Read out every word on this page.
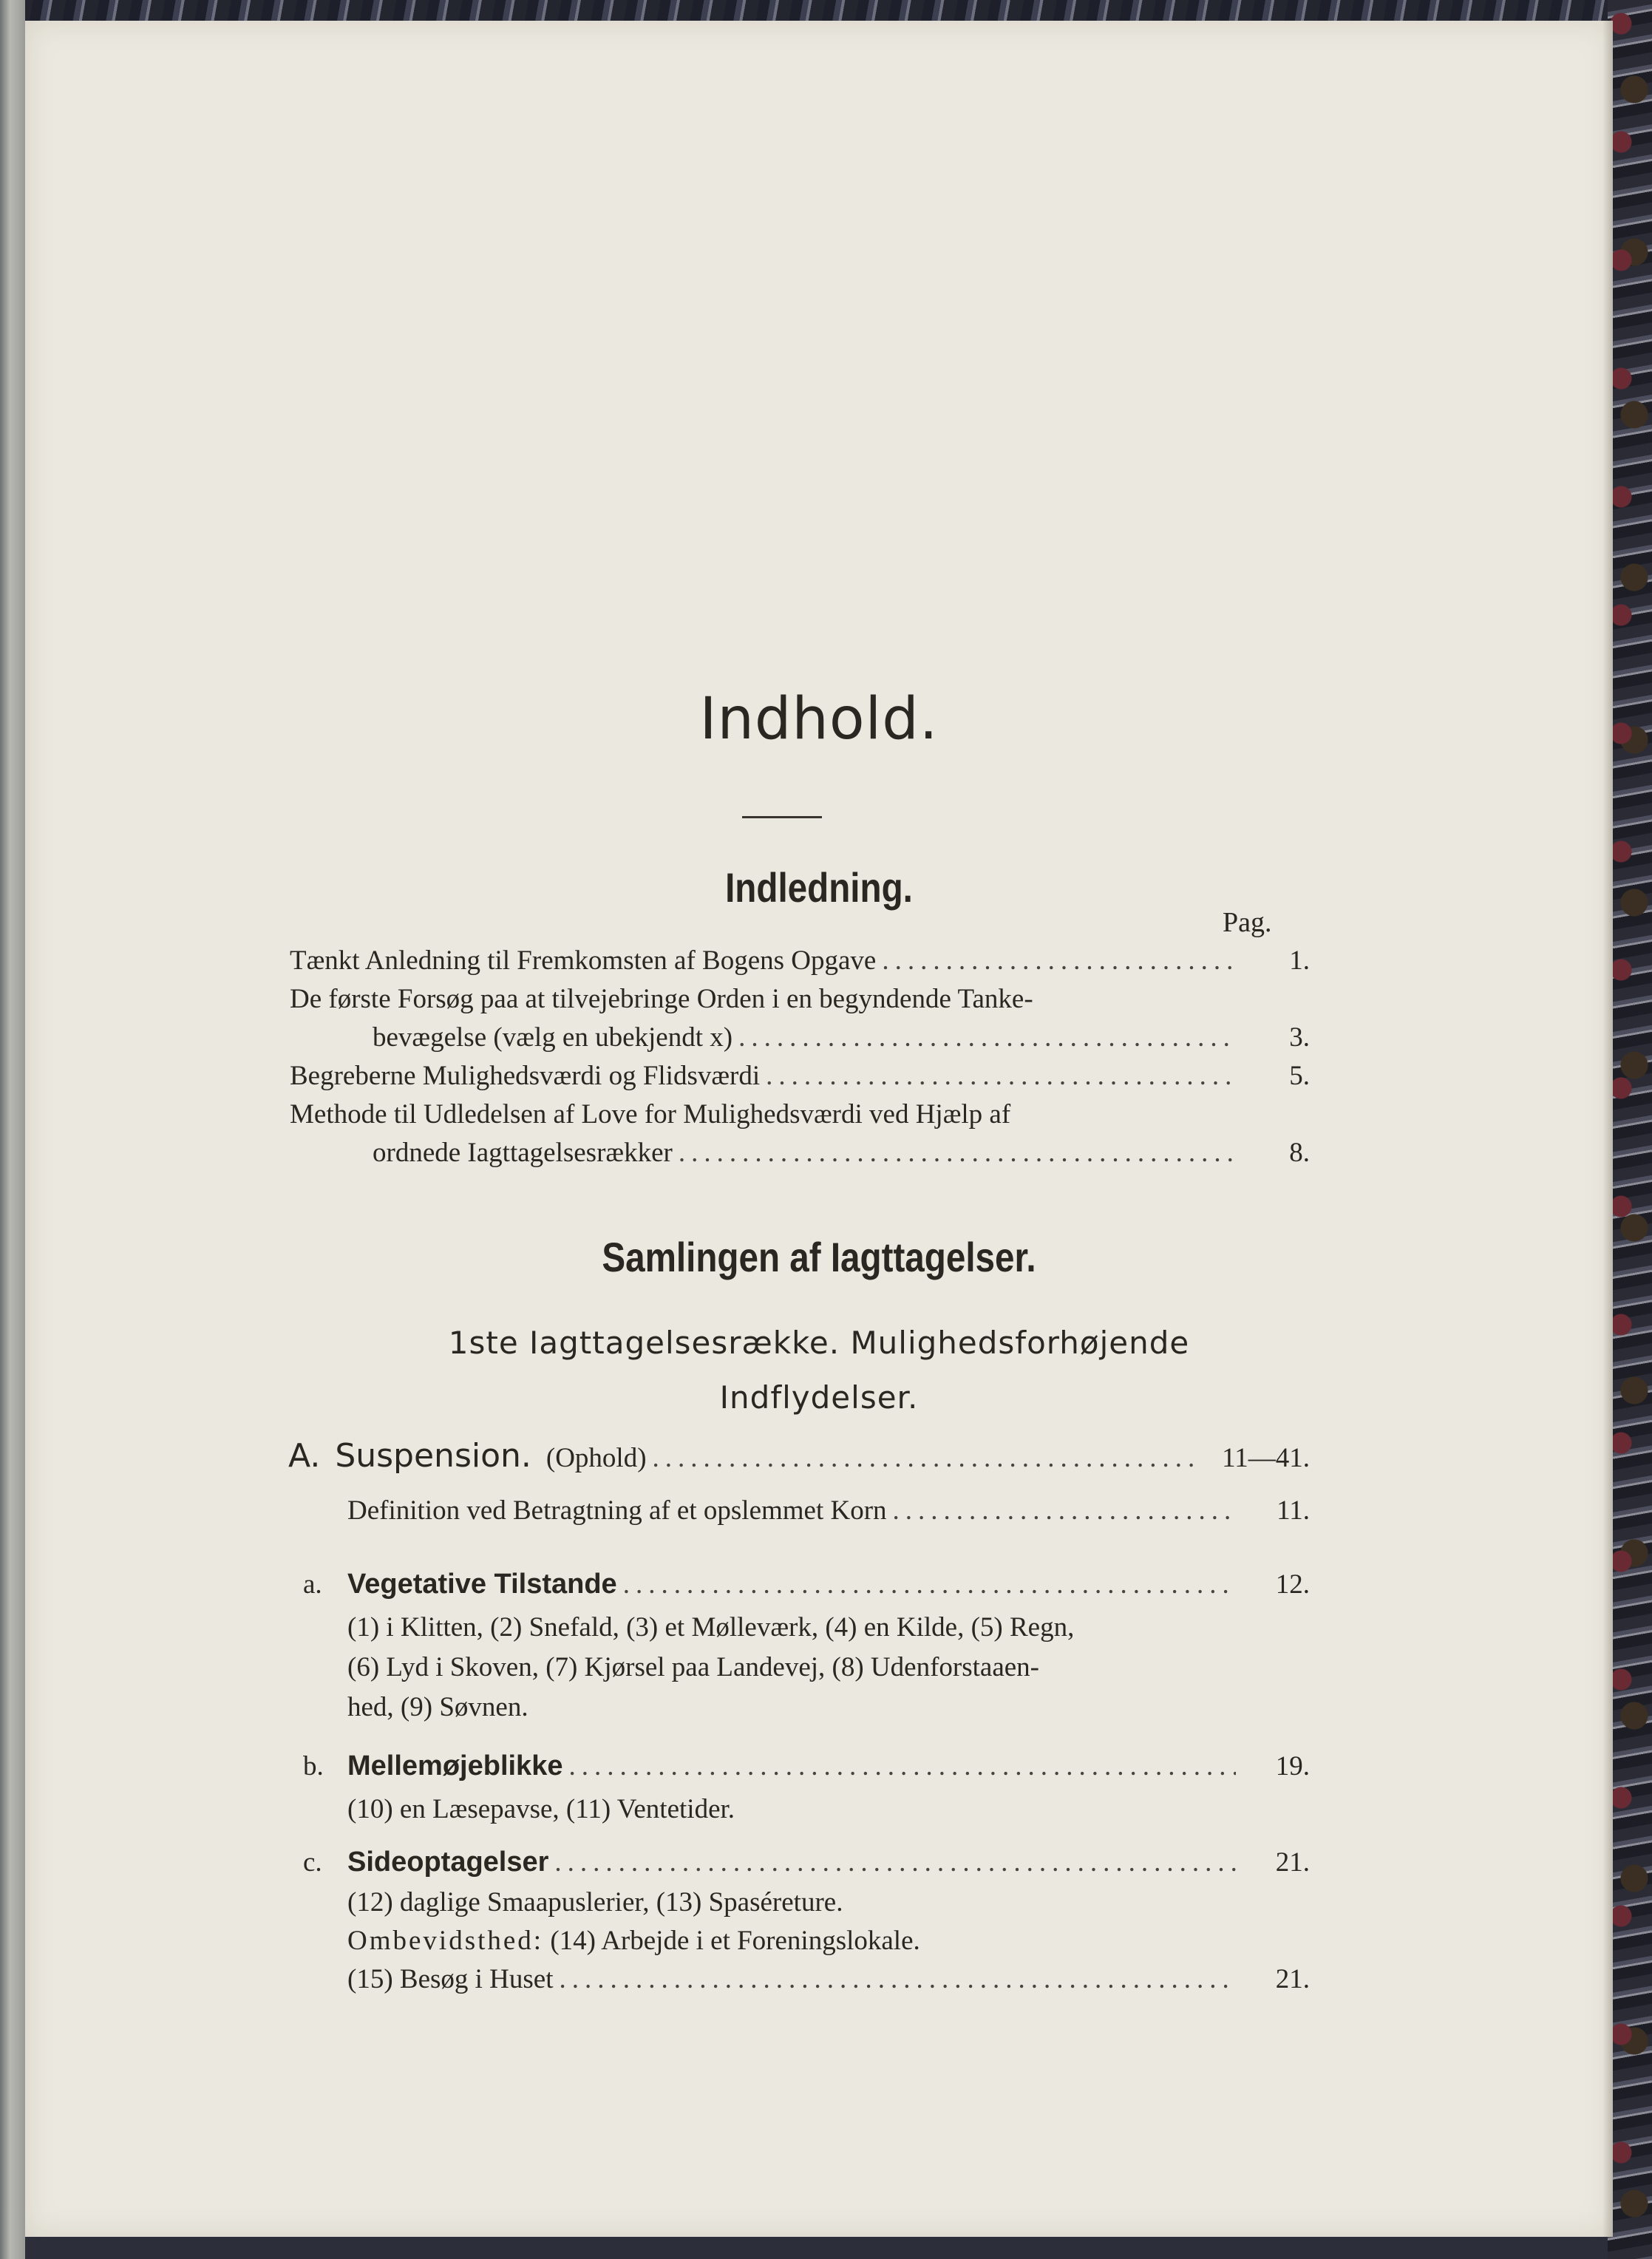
Indhold.
Indledning.
Pag.
Tænkt Anledning til Fremkomsten af Bogens Opgave .....	1.
De første Forsøg paa at tilvejebringe Orden i en begyndende Tanke-
bevægelse (vælg en ubekjendt x) .....	3.
Begreberne Mulighedsværdi og Flidsværdi .....	5.
Methode til Udledelsen af Love for Mulighedsværdi ved Hjælp af
ordnede Iagttagelsesrækker .....	8.
Samlingen af Iagttagelser.
1ste Iagttagelsesrække. Mulighedsforhøjende
Indflydelser.
A. Suspension. (Ophold) .....	11—41.
Definition ved Betragtning af et opslemmet Korn .....	11.
a. Vegetative Tilstande .....	12.
(1) i Klitten, (2) Snefald, (3) et Mølleværk, (4) en Kilde, (5) Regn,
(6) Lyd i Skoven, (7) Kjørsel paa Landevej, (8) Udenforstaaen-
hed, (9) Søvnen.
b. Mellemøjeblikke .....	19.
(10) en Læsepavse, (11) Ventetider.
c. Sideoptagelser .....	21.
(12) daglige Smaapuslerier, (13) Spaséreture.
Ombevidsthed: (14) Arbejde i et Foreningslokale.
(15) Besøg i Huset .....	21.
